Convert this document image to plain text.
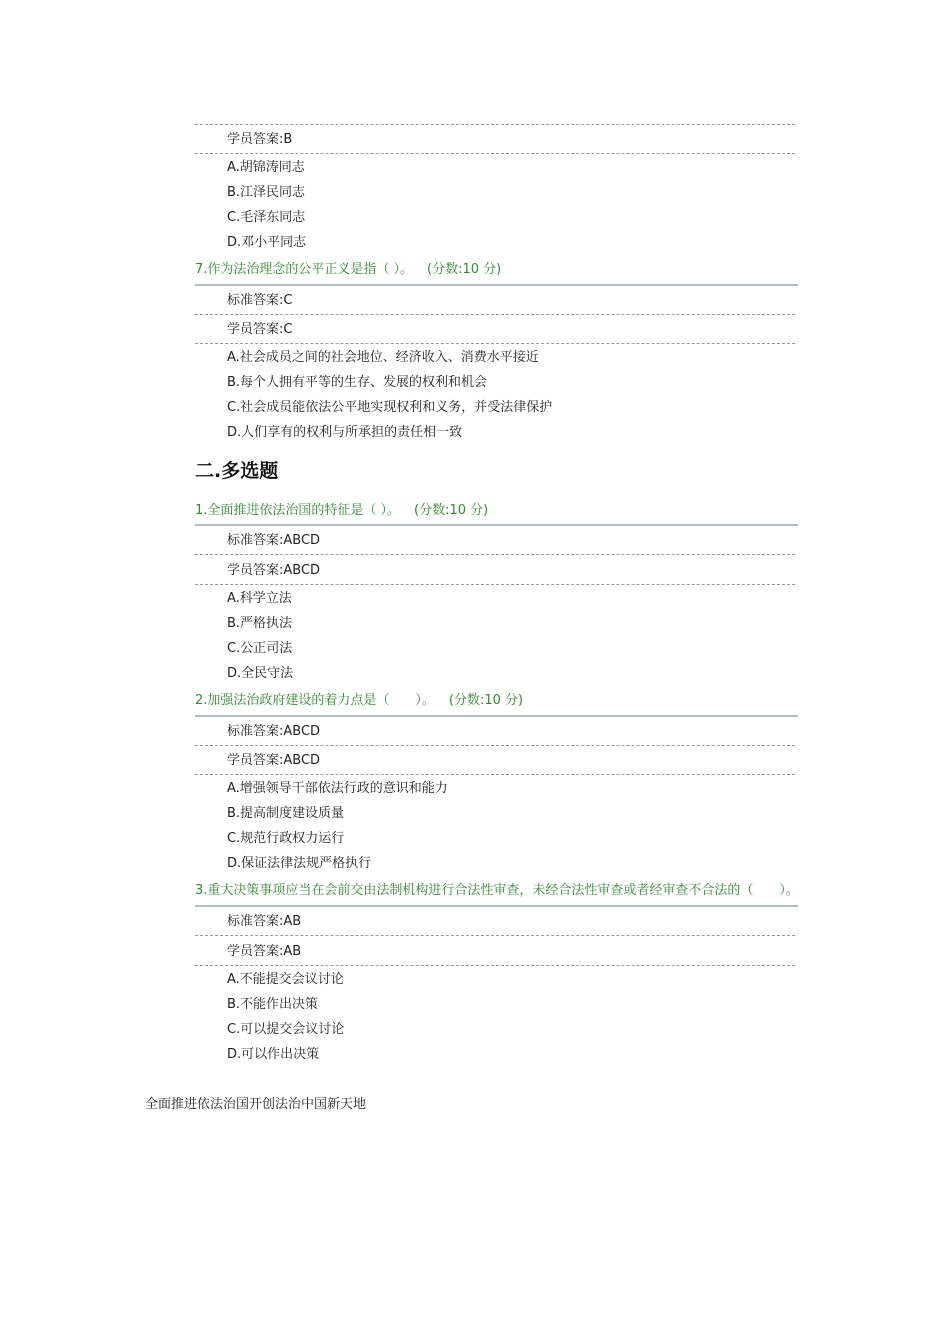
学员答案:B
A.胡锦涛同志
B.江泽民同志
C.毛泽东同志
D.邓小平同志
7.作为法治理念的公平正义是指（ ）。 (分数:10 分)
标准答案:C
学员答案:C
A.社会成员之间的社会地位、经济收入、消费水平接近
B.每个人拥有平等的生存、发展的权利和机会
C.社会成员能依法公平地实现权利和义务，并受法律保护
D.人们享有的权利与所承担的责任相一致
二.多选题
1.全面推进依法治国的特征是（ ）。 (分数:10 分)
标准答案:ABCD
学员答案:ABCD
A.科学立法
B.严格执法
C.公正司法
D.全民守法
2.加强法治政府建设的着力点是（　　）。 (分数:10 分)
标准答案:ABCD
学员答案:ABCD
A.增强领导干部依法行政的意识和能力
B.提高制度建设质量
C.规范行政权力运行
D.保证法律法规严格执行
3.重大决策事项应当在会前交由法制机构进行合法性审查，未经合法性审查或者经审查不合法的（　　）。
标准答案:AB
学员答案:AB
A.不能提交会议讨论
B.不能作出决策
C.可以提交会议讨论
D.可以作出决策
全面推进依法治国开创法治中国新天地
